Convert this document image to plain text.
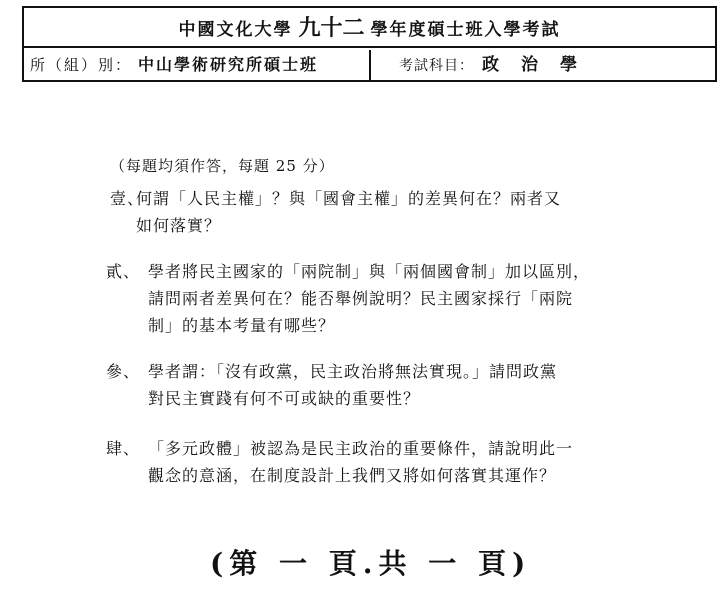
中國文化大學 九十二 學年度碩士班入學考試
所（組）別： 中山學術研究所碩士班	考試科目： 政治學
（每題均須作答，每題 25 分）
壹、
何謂「人民主權」？與「國會主權」的差異何在？兩者又
如何落實？
貳、 學者將民主國家的「兩院制」與「兩個國會制」加以區別，
請問兩者差異何在？能否舉例說明？民主國家採行「兩院
制」的基本考量有哪些？
參、 學者謂：「沒有政黨，民主政治將無法實現。」請問政黨
對民主實踐有何不可或缺的重要性？
肆、 「多元政體」被認為是民主政治的重要條件，請說明此一
觀念的意涵，在制度設計上我們又將如何落實其運作？
(第 一 頁.共 一 頁)
